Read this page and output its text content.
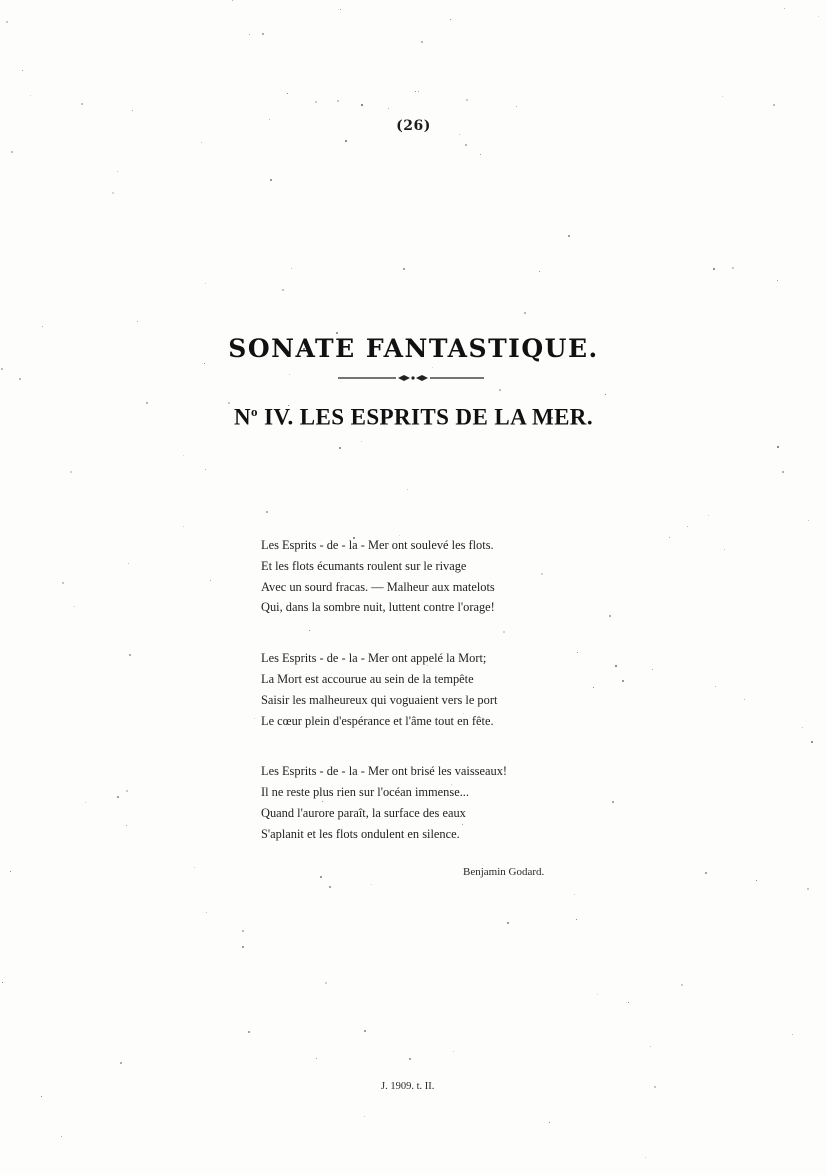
(26)
SONATE FANTASTIQUE.
$N^o$ IV. LES ESPRITS DE LA MER.
Les Esprits - de - la - Mer ont soulevé les flots.
Et les flots écumants roulent sur le rivage
Avec un sourd fracas. — Malheur aux matelots
Qui, dans la sombre nuit, luttent contre l'orage!
Les Esprits - de - la - Mer ont appelé la Mort;
La Mort est accourue au sein de la tempête
Saisir les malheureux qui voguaient vers le port
Le cœur plein d'espérance et l'âme tout en fête.
Les Esprits - de - la - Mer ont brisé les vaisseaux!
Il ne reste plus rien sur l'océan immense...
Quand l'aurore paraît, la surface des eaux
S'aplanit et les flots ondulent en silence.
Benjamin Godard.
J. 1909. t. II.
